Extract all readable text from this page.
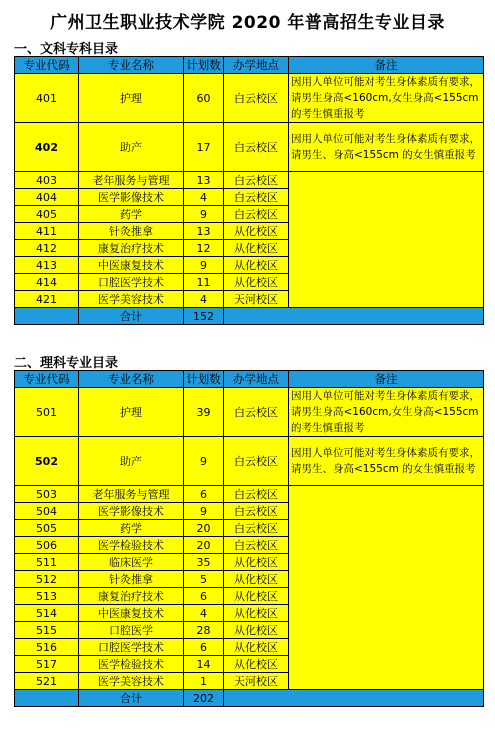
广州卫生职业技术学院 2020 年普高招生专业目录
一、文科专科目录
专业代码	专业名称	计划数	办学地点	备注
401	护理	60	白云校区	因用人单位可能对考生身体素质有要求，请男生身高<160cm,女生身高<155cm 的考生慎重报考
402	助产	17	白云校区	因用人单位可能对考生身体素质有要求，请男生、身高<155cm 的女生慎重报考
403	老年服务与管理	13	白云校区	
404	医学影像技术	4	白云校区	
405	药学	9	白云校区	
411	针灸推拿	13	从化校区	
412	康复治疗技术	12	从化校区	
413	中医康复技术	9	从化校区	
414	口腔医学技术	11	从化校区	
421	医学美容技术	4	天河校区	
	合计	152		
二、理科专业目录
专业代码	专业名称	计划数	办学地点	备注
501	护理	39	白云校区	因用人单位可能对考生身体素质有要求，请男生身高<160cm,女生身高<155cm 的考生慎重报考
502	助产	9	白云校区	因用人单位可能对考生身体素质有要求，请男生、身高<155cm 的女生慎重报考
503	老年服务与管理	6	白云校区	
504	医学影像技术	9	白云校区	
505	药学	20	白云校区	
506	医学检验技术	20	白云校区	
511	临床医学	35	从化校区	
512	针灸推拿	5	从化校区	
513	康复治疗技术	6	从化校区	
514	中医康复技术	4	从化校区	
515	口腔医学	28	从化校区	
516	口腔医学技术	6	从化校区	
517	医学检验技术	14	从化校区	
521	医学美容技术	1	天河校区	
	合计	202		
